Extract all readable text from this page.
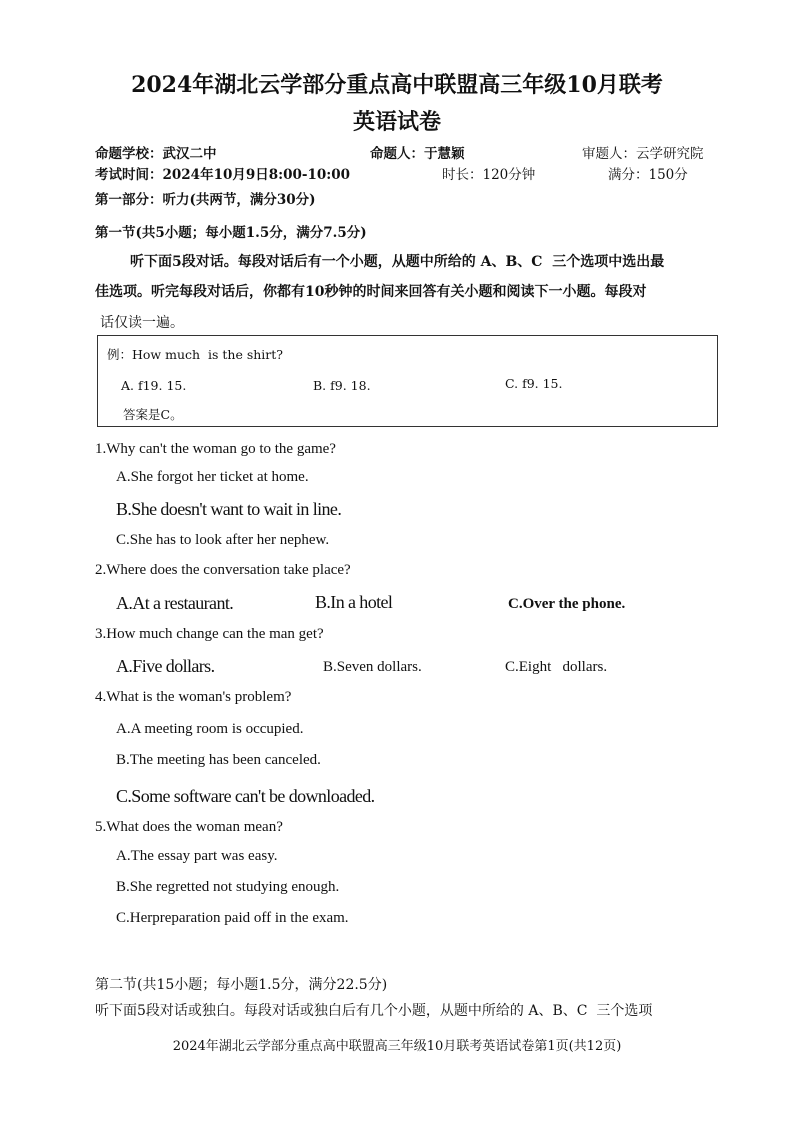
2024年湖北云学部分重点高中联盟高三年级10月联考
英语试卷
命题学校：武汉二中	命题人：于慧颖	审题人：云学研究院
考试时间：2024年10月9日8:00-10:00	时长：120分钟	满分：150分
第一部分：听力(共两节，满分30分)
第一节(共5小题；每小题1.5分，满分7.5分)
听下面5段对话。每段对话后有一个小题，从题中所给的 A、B、C  三个选项中选出最
佳选项。听完每段对话后，你都有10秒钟的时间来回答有关小题和阅读下一小题。每段对
话仅读一遍。
例：How much  is the shirt?
A. f19. 15.	B. f9. 18.	C. f9. 15.
答案是C。
1.Why can't the woman go to the game?
A.She forgot her ticket at home.
B.She doesn't want to wait in line.
C.She has to look after her nephew.
2.Where does the conversation take place?
A.At a restaurant.	B.In a hotel	C.Over the phone.
3.How much change can the man get?
A.Five dollars.	B.Seven dollars.	C.Eight   dollars.
4.What is the woman's problem?
A.A meeting room is occupied.
B.The meeting has been canceled.
C.Some software can't be downloaded.
5.What does the woman mean?
A.The essay part was easy.
B.She regretted not studying enough.
C.Herpreparation paid off in the exam.
第二节(共15小题；每小题1.5分，满分22.5分)
听下面5段对话或独白。每段对话或独白后有几个小题，从题中所给的 A、B、C  三个选项
2024年湖北云学部分重点高中联盟高三年级10月联考英语试卷第1页(共12页)
